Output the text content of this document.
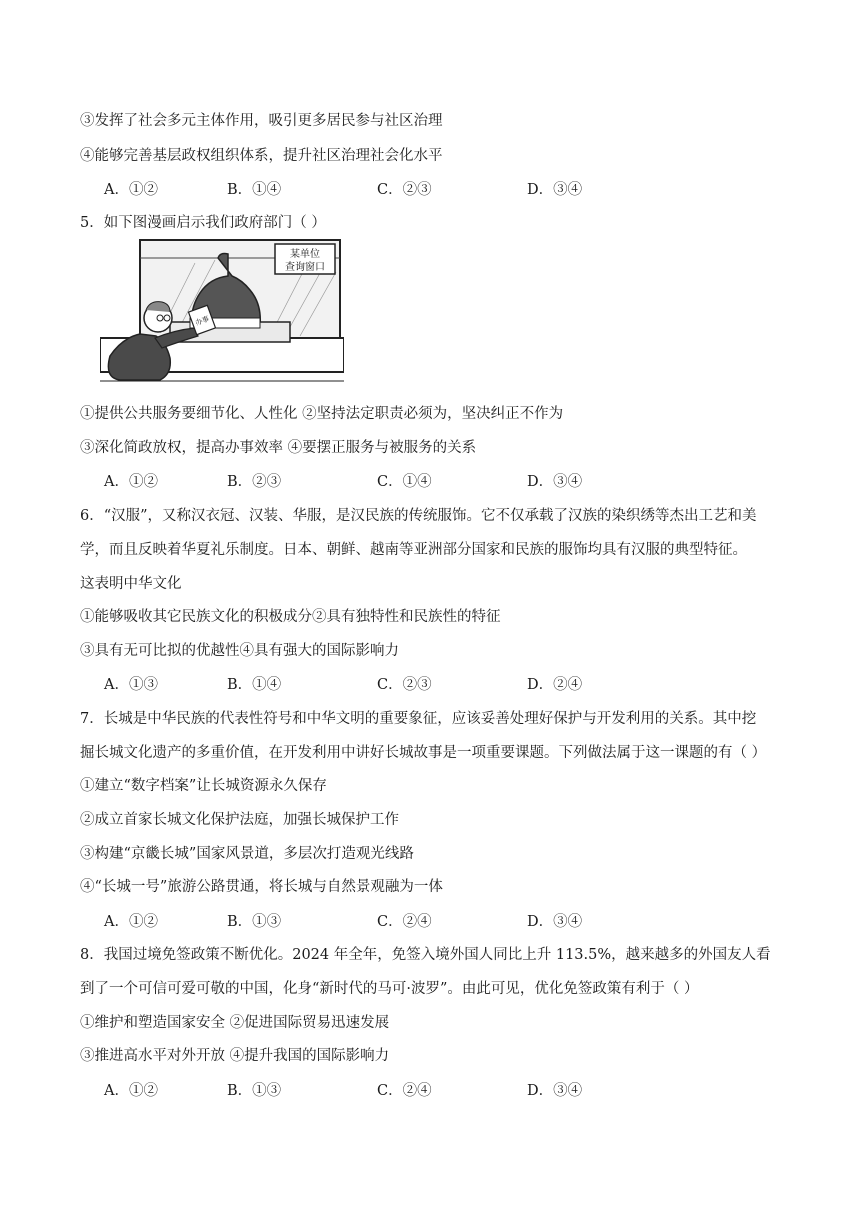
③发挥了社会多元主体作用，吸引更多居民参与社区治理
④能够完善基层政权组织体系，提升社区治理社会化水平
A．①②	B．①④	C．②③	D．③④
5．如下图漫画启示我们政府部门（ ）
某单位
查询窗口
办事
①提供公共服务要细节化、人性化 ②坚持法定职责必须为，坚决纠正不作为
③深化简政放权，提高办事效率 ④要摆正服务与被服务的关系
A．①②	B．②③	C．①④	D．③④
6．“汉服”，又称汉衣冠、汉装、华服，是汉民族的传统服饰。它不仅承载了汉族的染织绣等杰出工艺和美
学，而且反映着华夏礼乐制度。日本、朝鲜、越南等亚洲部分国家和民族的服饰均具有汉服的典型特征。
这表明中华文化
①能够吸收其它民族文化的积极成分②具有独特性和民族性的特征
③具有无可比拟的优越性④具有强大的国际影响力
A．①③	B．①④	C．②③	D．②④
7．长城是中华民族的代表性符号和中华文明的重要象征，应该妥善处理好保护与开发利用的关系。其中挖
掘长城文化遗产的多重价值，在开发利用中讲好长城故事是一项重要课题。下列做法属于这一课题的有（ ）
①建立“数字档案”让长城资源永久保存
②成立首家长城文化保护法庭，加强长城保护工作
③构建“京畿长城”国家风景道，多层次打造观光线路
④“长城一号”旅游公路贯通，将长城与自然景观融为一体
A．①②	B．①③	C．②④	D．③④
8．我国过境免签政策不断优化。2024 年全年，免签入境外国人同比上升 113.5%，越来越多的外国友人看
到了一个可信可爱可敬的中国，化身“新时代的马可·波罗”。由此可见，优化免签政策有利于（ ）
①维护和塑造国家安全 ②促进国际贸易迅速发展
③推进高水平对外开放 ④提升我国的国际影响力
A．①②	B．①③	C．②④	D．③④
